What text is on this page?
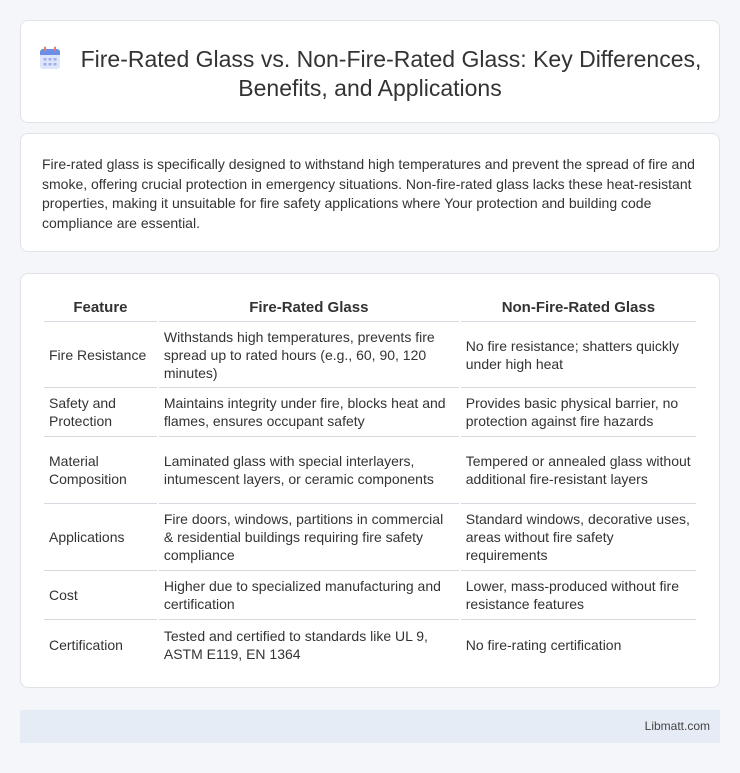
Fire-Rated Glass vs. Non-Fire-Rated Glass: Key Differences, Benefits, and Applications

Fire-rated glass is specifically designed to withstand high temperatures and prevent the spread of fire and smoke, offering crucial protection in emergency situations. Non-fire-rated glass lacks these heat-resistant properties, making it unsuitable for fire safety applications where Your protection and building code compliance are essential.

Feature	Fire-Rated Glass	Non-Fire-Rated Glass
Fire Resistance	Withstands high temperatures, prevents fire spread up to rated hours (e.g., 60, 90, 120 minutes)	No fire resistance; shatters quickly under high heat
Safety and Protection	Maintains integrity under fire, blocks heat and flames, ensures occupant safety	Provides basic physical barrier, no protection against fire hazards
Material Composition	Laminated glass with special interlayers, intumescent layers, or ceramic components	Tempered or annealed glass without additional fire-resistant layers
Applications	Fire doors, windows, partitions in commercial & residential buildings requiring fire safety compliance	Standard windows, decorative uses, areas without fire safety requirements
Cost	Higher due to specialized manufacturing and certification	Lower, mass-produced without fire resistance features
Certification	Tested and certified to standards like UL 9, ASTM E119, EN 1364	No fire-rating certification
Libmatt.com
